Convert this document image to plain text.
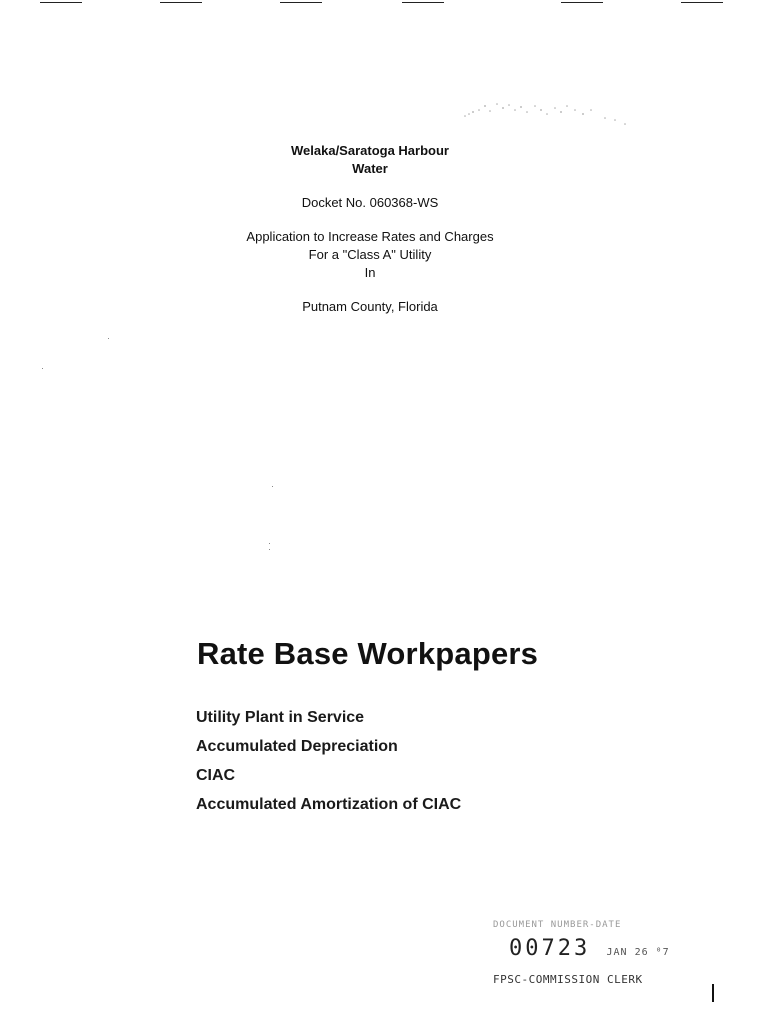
Welaka/Saratoga Harbour
Water
Docket No. 060368-WS
Application to Increase Rates and Charges
For a "Class A" Utility
In
Putnam County, Florida
Rate Base Workpapers
Utility Plant in Service
Accumulated Depreciation
CIAC
Accumulated Amortization of CIAC
DOCUMENT NUMBER-DATE
00723 JAN 26 ⁰7
FPSC-COMMISSION CLERK
